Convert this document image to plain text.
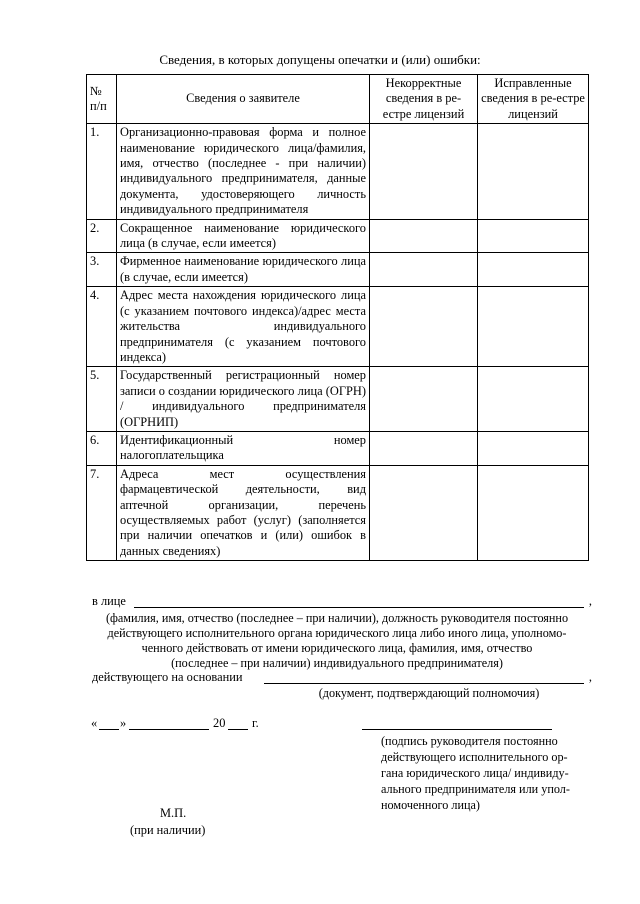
Сведения, в которых допущены опечатки и (или) ошибки:
№ п/п	Сведения о заявителе	Некорректные сведения в ре-естре лицензий	Исправленные сведения в ре-естре лицензий
1.	Организационно-правовая форма и полное наименование юридического лица/фамилия, имя, отчество (последнее - при наличии) индивидуального предпринимателя, данные документа, удостоверяющего личность индивидуального предпринимателя		
2.	Сокращенное наименование юридического лица (в случае, если имеется)		
3.	Фирменное наименование юридического лица (в случае, если имеется)		
4.	Адрес места нахождения юридического лица (с указанием почтового индекса)/адрес места жительства индивидуального предпринимателя (с указанием почтового индекса)		
5.	Государственный регистрационный номер записи о создании юридического лица (ОГРН) / индивидуального предпринимателя (ОГРНИП)		
6.	Идентификационный номер налогоплательщика		
7.	Адреса мест осуществления фармацевтической деятельности, вид аптечной организации, перечень осуществляемых работ (услуг) (заполняется при наличии опечатков и (или) ошибок в данных сведениях)		
в лице	,
(фамилия, имя, отчество (последнее – при наличии), должность руководителя постоянно
действующего исполнительного органа юридического лица либо иного лица, уполномо-
ченного действовать от имени юридического лица, фамилия, имя, отчество
(последнее – при наличии) индивидуального предпринимателя)
действующего на основании	,
(документ, подтверждающий полномочия)
« »	20 г.
(подпись руководителя постоянно
действующего исполнительного ор-
гана юридического лица/ индивиду-
ального предпринимателя или упол-
номоченного лица)
М.П.
(при наличии)
